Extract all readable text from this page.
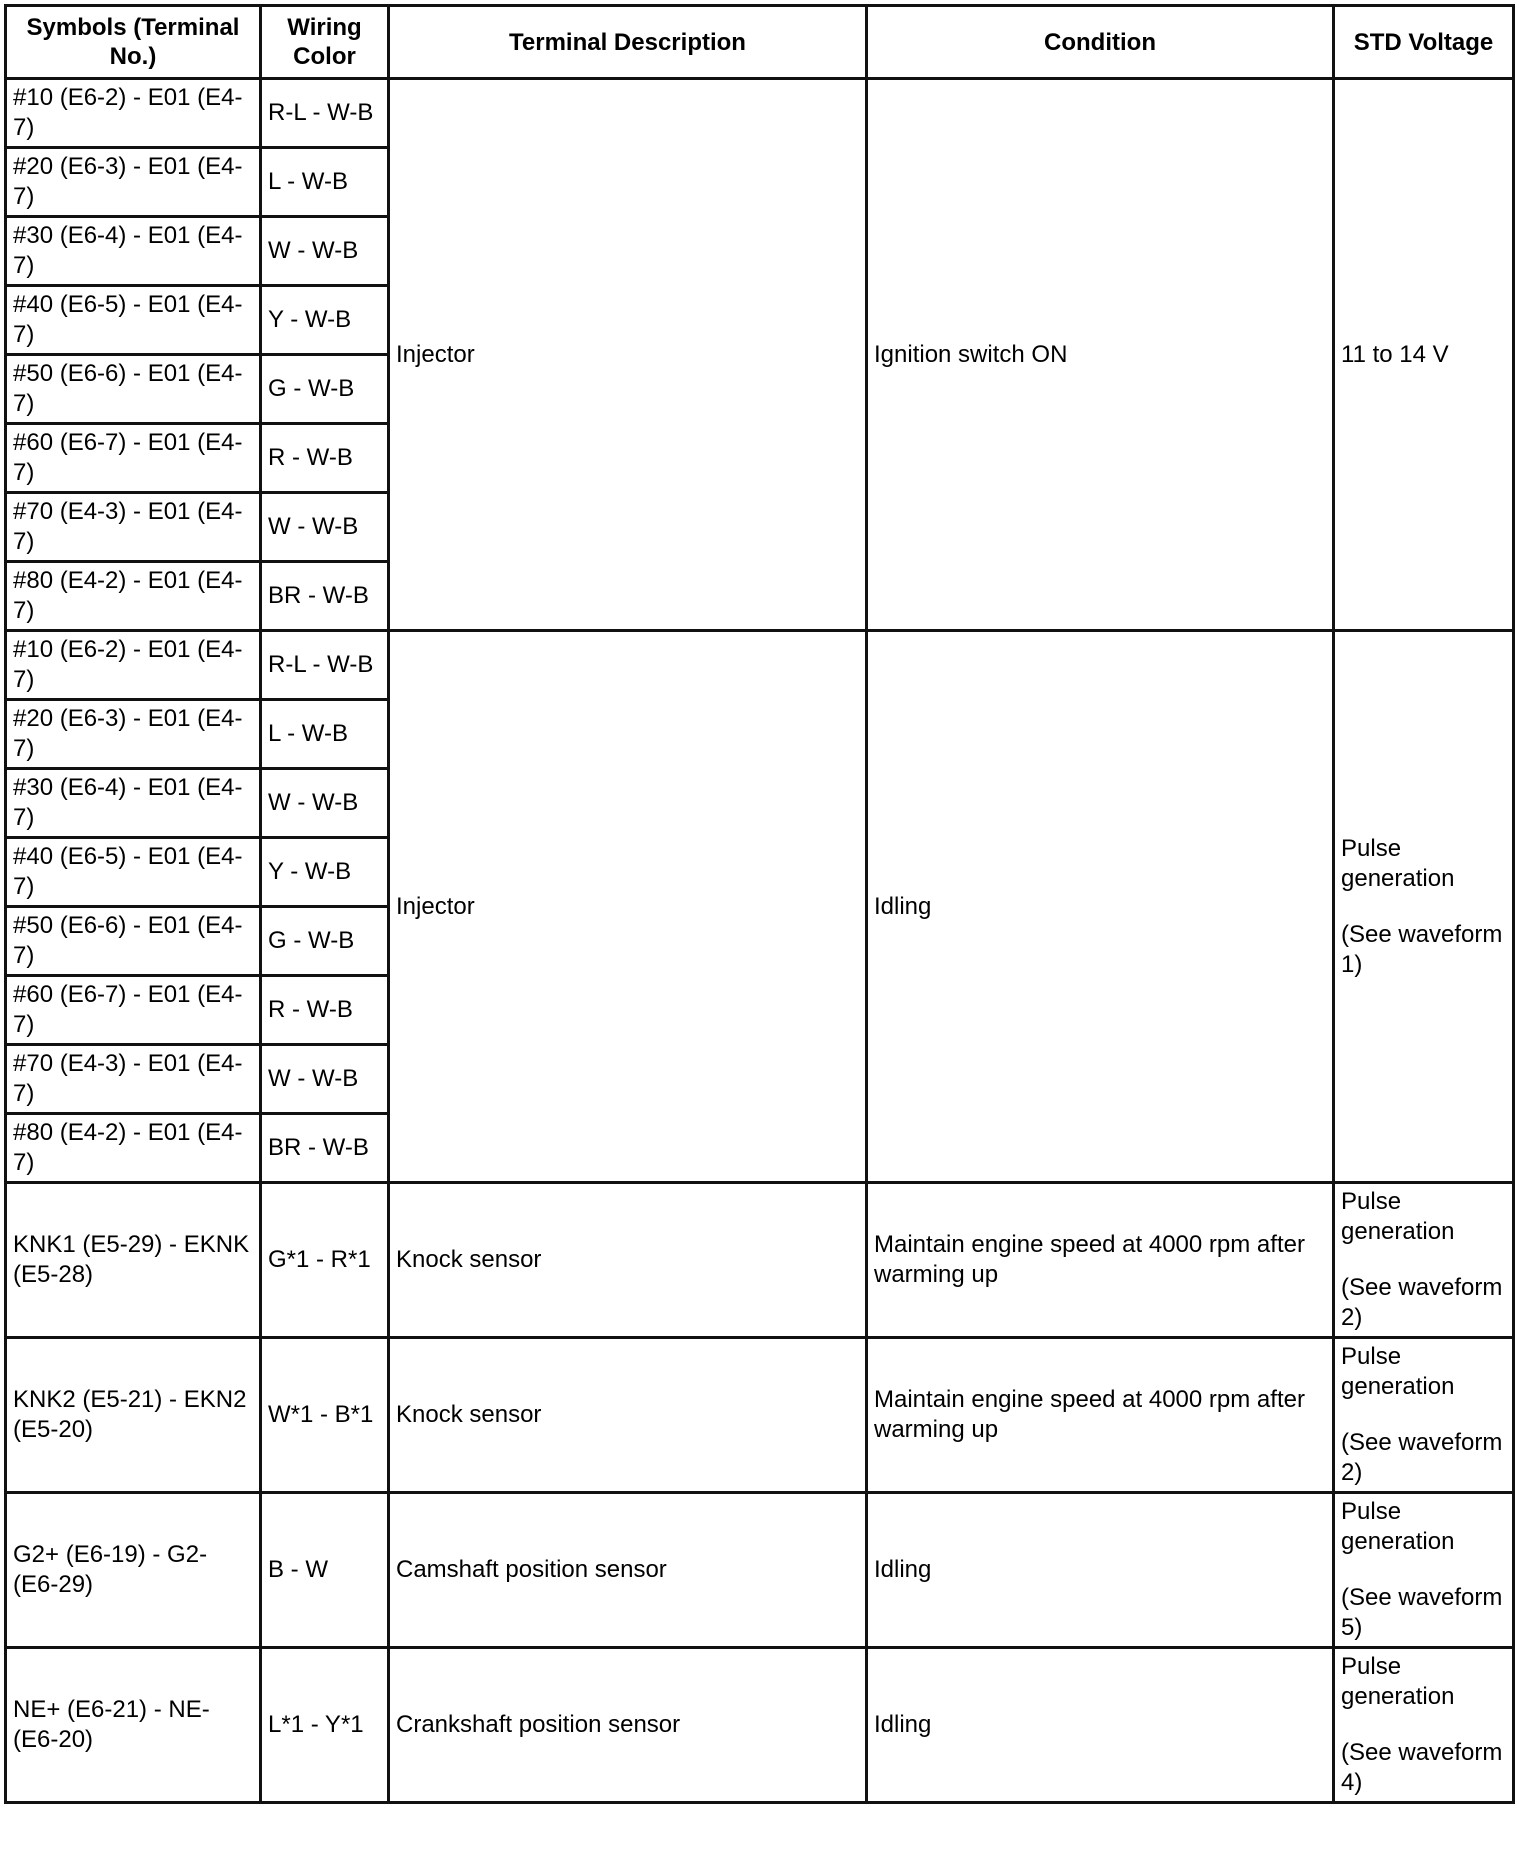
Symbols (Terminal No.)	Wiring Color	Terminal Description	Condition	STD Voltage
#10 (E6-2) - E01 (E4-7)	R-L - W-B	Injector	Ignition switch ON	11 to 14 V
#20 (E6-3) - E01 (E4-7)	L - W-B			
#30 (E6-4) - E01 (E4-7)	W - W-B			
#40 (E6-5) - E01 (E4-7)	Y - W-B			
#50 (E6-6) - E01 (E4-7)	G - W-B			
#60 (E6-7) - E01 (E4-7)	R - W-B			
#70 (E4-3) - E01 (E4-7)	W - W-B			
#80 (E4-2) - E01 (E4-7)	BR - W-B			
#10 (E6-2) - E01 (E4-7)	R-L - W-B	Injector	Idling	Pulse generation
(See waveform 1)

#20 (E6-3) - E01 (E4-7)	L - W-B			
#30 (E6-4) - E01 (E4-7)	W - W-B			
#40 (E6-5) - E01 (E4-7)	Y - W-B			
#50 (E6-6) - E01 (E4-7)	G - W-B			
#60 (E6-7) - E01 (E4-7)	R - W-B			
#70 (E4-3) - E01 (E4-7)	W - W-B			
#80 (E4-2) - E01 (E4-7)	BR - W-B			
KNK1 (E5-29) - EKNK (E5-28)	G*1 - R*1	Knock sensor	Maintain engine speed at 4000 rpm after warming up	Pulse generation
(See waveform 2)

KNK2 (E5-21) - EKN2 (E5-20)	W*1 - B*1	Knock sensor	Maintain engine speed at 4000 rpm after warming up	Pulse generation
(See waveform 2)

G2+ (E6-19) - G2- (E6-29)	B - W	Camshaft position sensor	Idling	Pulse generation
(See waveform 5)

NE+ (E6-21) - NE- (E6-20)	L*1 - Y*1	Crankshaft position sensor	Idling	Pulse generation
(See waveform 4)
